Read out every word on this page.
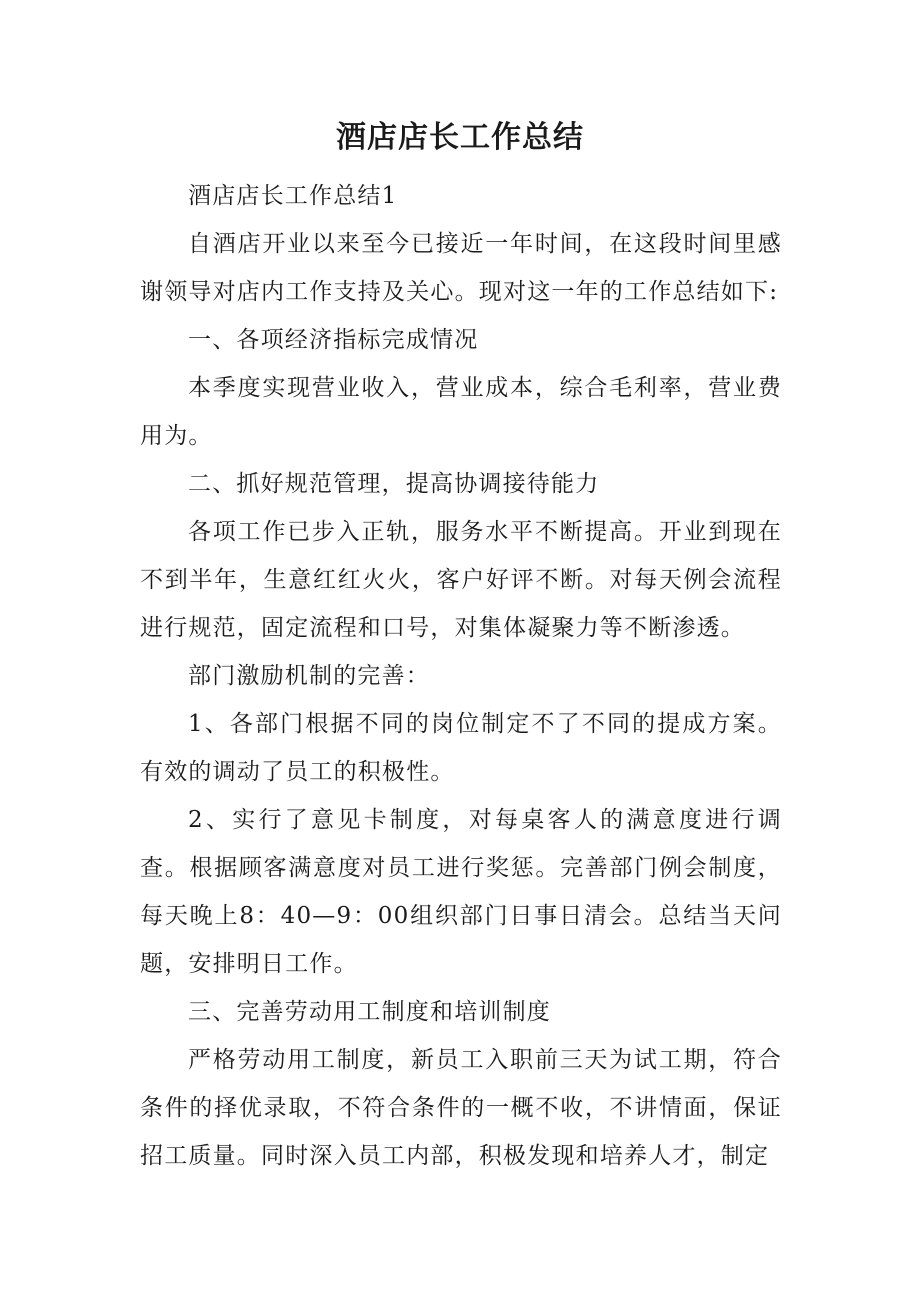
酒店店长工作总结

酒店店长工作总结1

自酒店开业以来至今已接近一年时间，在这段时间里感谢领导对店内工作支持及关心。现对这一年的工作总结如下:

一、各项经济指标完成情况

本季度实现营业收入，营业成本，综合毛利率，营业费用为。

二、抓好规范管理，提高协调接待能力

各项工作已步入正轨，服务水平不断提高。开业到现在不到半年，生意红红火火，客户好评不断。对每天例会流程进行规范，固定流程和口号，对集体凝聚力等不断渗透。

部门激励机制的完善：

1、各部门根据不同的岗位制定不了不同的提成方案。有效的调动了员工的积极性。

2、实行了意见卡制度，对每桌客人的满意度进行调查。根据顾客满意度对员工进行奖惩。完善部门例会制度，每天晚上8：40—9：00组织部门日事日清会。总结当天问题，安排明日工作。

三、完善劳动用工制度和培训制度

严格劳动用工制度，新员工入职前三天为试工期，符合条件的择优录取，不符合条件的一概不收，不讲情面，保证招工质量。同时深入员工内部，积极发现和培养人才，制定
